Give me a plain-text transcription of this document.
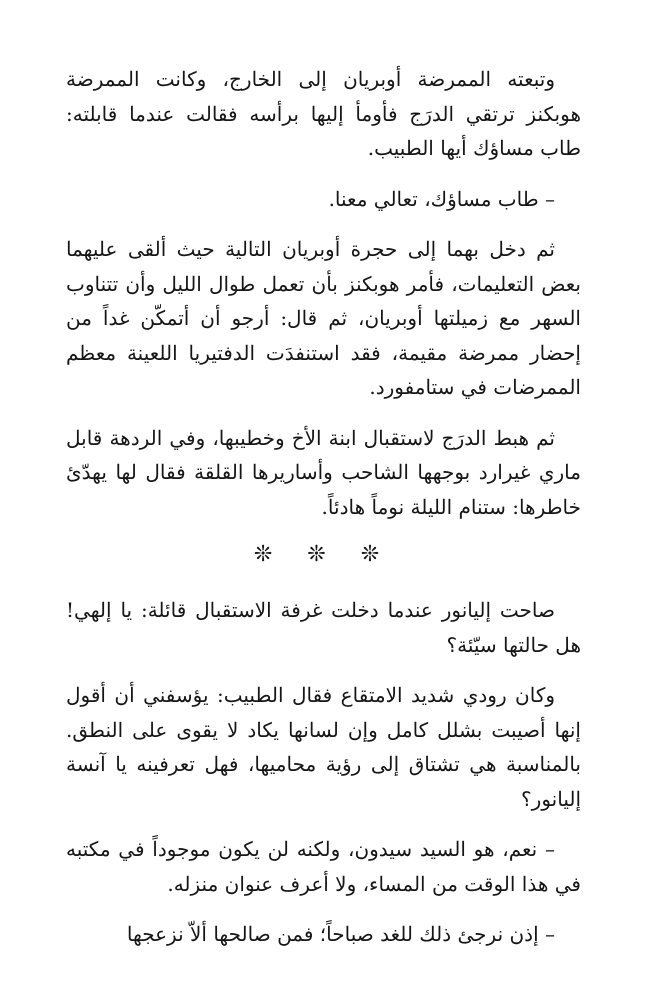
وتبعته الممرضة أوبريان إلى الخارج، وكانت الممرضة هوبكنز ترتقي الدرَج فأومأ إليها برأسه فقالت عندما قابلته: طاب مساؤك أيها الطبيب.

– طاب مساؤك، تعالي معنا.

ثم دخل بهما إلى حجرة أوبريان التالية حيث ألقى عليهما بعض التعليمات، فأمر هوبكنز بأن تعمل طوال الليل وأن تتناوب السهر مع زميلتها أوبريان، ثم قال: أرجو أن أتمكّن غداً من إحضار ممرضة مقيمة، فقد استنفدَت الدفتيريا اللعينة معظم الممرضات في ستامفورد.

ثم هبط الدرَج لاستقبال ابنة الأخ وخطيبها، وفي الردهة قابل ماري غيرارد بوجهها الشاحب وأساريرها القلقة فقال لها يهدّئ خاطرها: ستنام الليلة نوماً هادئاً.

❊ ❊ ❊

صاحت إليانور عندما دخلت غرفة الاستقبال قائلة: يا إلهي! هل حالتها سيّئة؟

وكان رودي شديد الامتقاع فقال الطبيب: يؤسفني أن أقول إنها أصيبت بشلل كامل وإن لسانها يكاد لا يقوى على النطق. بالمناسبة هي تشتاق إلى رؤية محاميها، فهل تعرفينه يا آنسة إليانور؟

– نعم، هو السيد سيدون، ولكنه لن يكون موجوداً في مكتبه في هذا الوقت من المساء، ولا أعرف عنوان منزله.

– إذن نرجئ ذلك للغد صباحاً؛ فمن صالحها ألاّ نزعجها
